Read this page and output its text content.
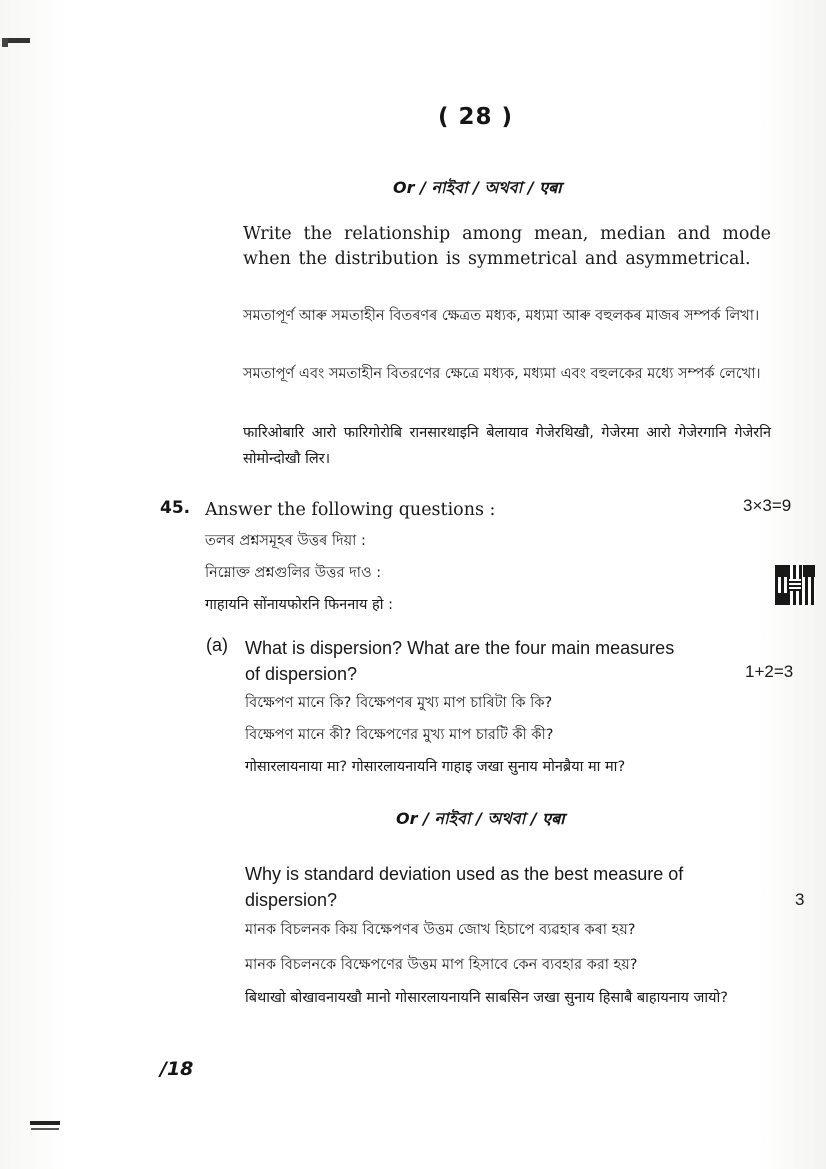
( 28 )
Or / নাইবা / অথবা / एबा
Write the relationship among mean, median and mode when the distribution is symmetrical and asymmetrical.
সমতাপূৰ্ণ আৰু সমতাহীন বিতৰণৰ ক্ষেত্ৰত মধ্যক, মধ্যমা আৰু বহুলকৰ মাজৰ সম্পৰ্ক লিখা।
সমতাপূর্ণ এবং সমতাহীন বিতরণের ক্ষেত্রে মধ্যক, মধ্যমা এবং বহুলকের মধ্যে সম্পর্ক লেখো।
फारिओबारि आरो फारिगोरोबि रानसारथाइनि बेलायाव गेजेरथिखौ, गेजेरमा आरो गेजेरगानि गेजेरनि सोमोन्दोखौ लिर।
45. Answer the following questions :	3×3=9
তলৰ প্ৰশ্নসমূহৰ উত্তৰ দিয়া :
নিম্নোক্ত প্রশ্নগুলির উত্তর দাও :
गाहायनि सोंनायफोरनि फिननाय हो :
(a) What is dispersion? What are the four main measures
of dispersion?	1+2=3
বিক্ষেপণ মানে কি? বিক্ষেপণৰ মুখ্য মাপ চাৰিটা কি কি?
বিক্ষেপণ মানে কী? বিক্ষেপণের মুখ্য মাপ চারটি কী কী?
गोसारलायनाया मा? गोसारलायनायनि गाहाइ जखा सुनाय मोनब्रैया मा मा?
Or / নাইবা / অথবা / एबा
Why is standard deviation used as the best measure of
dispersion?	3
মানক বিচলনক কিয় বিক্ষেপণৰ উত্তম জোখ হিচাপে ব্যৱহাৰ কৰা হয়?
মানক বিচলনকে বিক্ষেপণের উত্তম মাপ হিসাবে কেন ব্যবহার করা হয়?
बिथाखो बोखावनायखौ मानो गोसारलायनायनि साबसिन जखा सुनाय हिसाबै बाहायनाय जायो?
/18
